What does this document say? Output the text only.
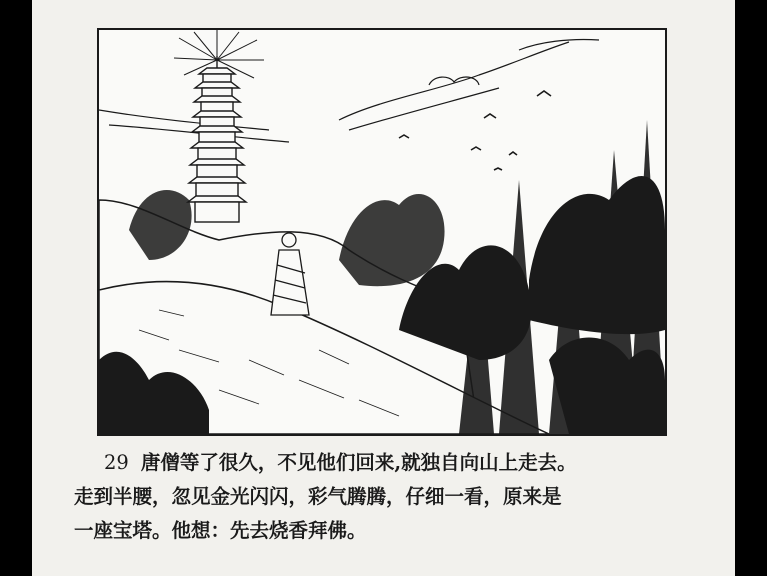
29 唐僧等了很久，不见他们回来,就独自向山上走去。
走到半腰，忽见金光闪闪，彩气腾腾，仔细一看，原来是
一座宝塔。他想：先去烧香拜佛。
